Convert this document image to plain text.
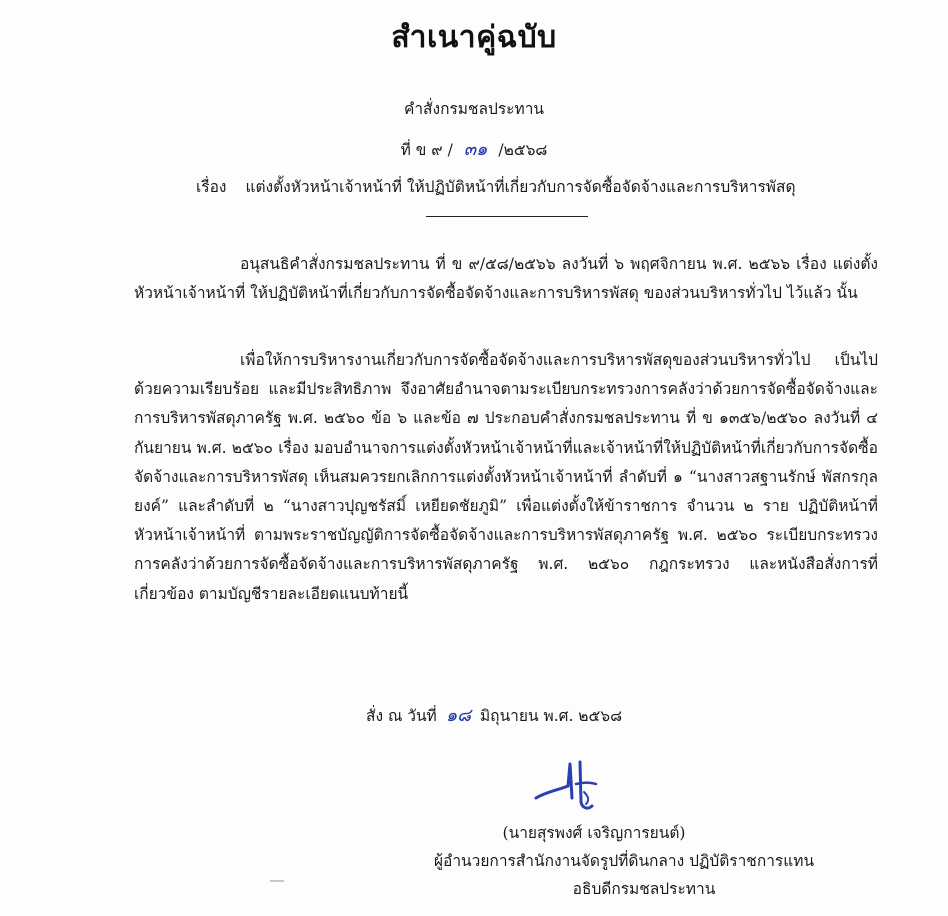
สำเนาคู่ฉบับ
คำสั่งกรมชลประทาน
ที่ ข ๙ / ๓๑ /๒๕๖๘
เรื่อง แต่งตั้งหัวหน้าเจ้าหน้าที่ ให้ปฏิบัติหน้าที่เกี่ยวกับการจัดซื้อจัดจ้างและการบริหารพัสดุ

อนุสนธิคำสั่งกรมชลประทาน ที่ ข ๙/๕๘/๒๕๖๖ ลงวันที่ ๖ พฤศจิกายน พ.ศ. ๒๕๖๖ เรื่อง แต่งตั้งหัวหน้าเจ้าหน้าที่ ให้ปฏิบัติหน้าที่เกี่ยวกับการจัดซื้อจัดจ้างและการบริหารพัสดุ ของส่วนบริหารทั่วไป ไว้แล้ว นั้น

เพื่อให้การบริหารงานเกี่ยวกับการจัดซื้อจัดจ้างและการบริหารพัสดุของส่วนบริหารทั่วไป เป็นไปด้วยความเรียบร้อย และมีประสิทธิภาพ จึงอาศัยอำนาจตามระเบียบกระทรวงการคลังว่าด้วยการจัดซื้อจัดจ้างและการบริหารพัสดุภาครัฐ พ.ศ. ๒๕๖๐ ข้อ ๖ และข้อ ๗ ประกอบคำสั่งกรมชลประทาน ที่ ข ๑๓๕๖/๒๕๖๐ ลงวันที่ ๔ กันยายน พ.ศ. ๒๕๖๐ เรื่อง มอบอำนาจการแต่งตั้งหัวหน้าเจ้าหน้าที่และเจ้าหน้าที่ให้ปฏิบัติหน้าที่เกี่ยวกับการจัดซื้อจัดจ้างและการบริหารพัสดุ เห็นสมควรยกเลิกการแต่งตั้งหัวหน้าเจ้าหน้าที่ ลำดับที่ ๑ “นางสาวสฐานรักษ์ พัสกรกุลยงค์” และลำดับที่ ๒ “นางสาวปุญชรัสมิ์ เหยียดชัยภูมิ” เพื่อแต่งตั้งให้ข้าราชการ จำนวน ๒ ราย ปฏิบัติหน้าที่หัวหน้าเจ้าหน้าที่ ตามพระราชบัญญัติการจัดซื้อจัดจ้างและการบริหารพัสดุภาครัฐ พ.ศ. ๒๕๖๐ ระเบียบกระทรวงการคลังว่าด้วยการจัดซื้อจัดจ้างและการบริหารพัสดุภาครัฐ พ.ศ. ๒๕๖๐ กฎกระทรวง และหนังสือสั่งการที่เกี่ยวข้อง ตามบัญชีรายละเอียดแนบท้ายนี้

สั่ง ณ วันที่ ๑๘ มิถุนายน พ.ศ. ๒๕๖๘
(นายสุรพงศ์ เจริญการยนต์)
ผู้อำนวยการสำนักงานจัดรูปที่ดินกลาง ปฏิบัติราชการแทน
อธิบดีกรมชลประทาน
